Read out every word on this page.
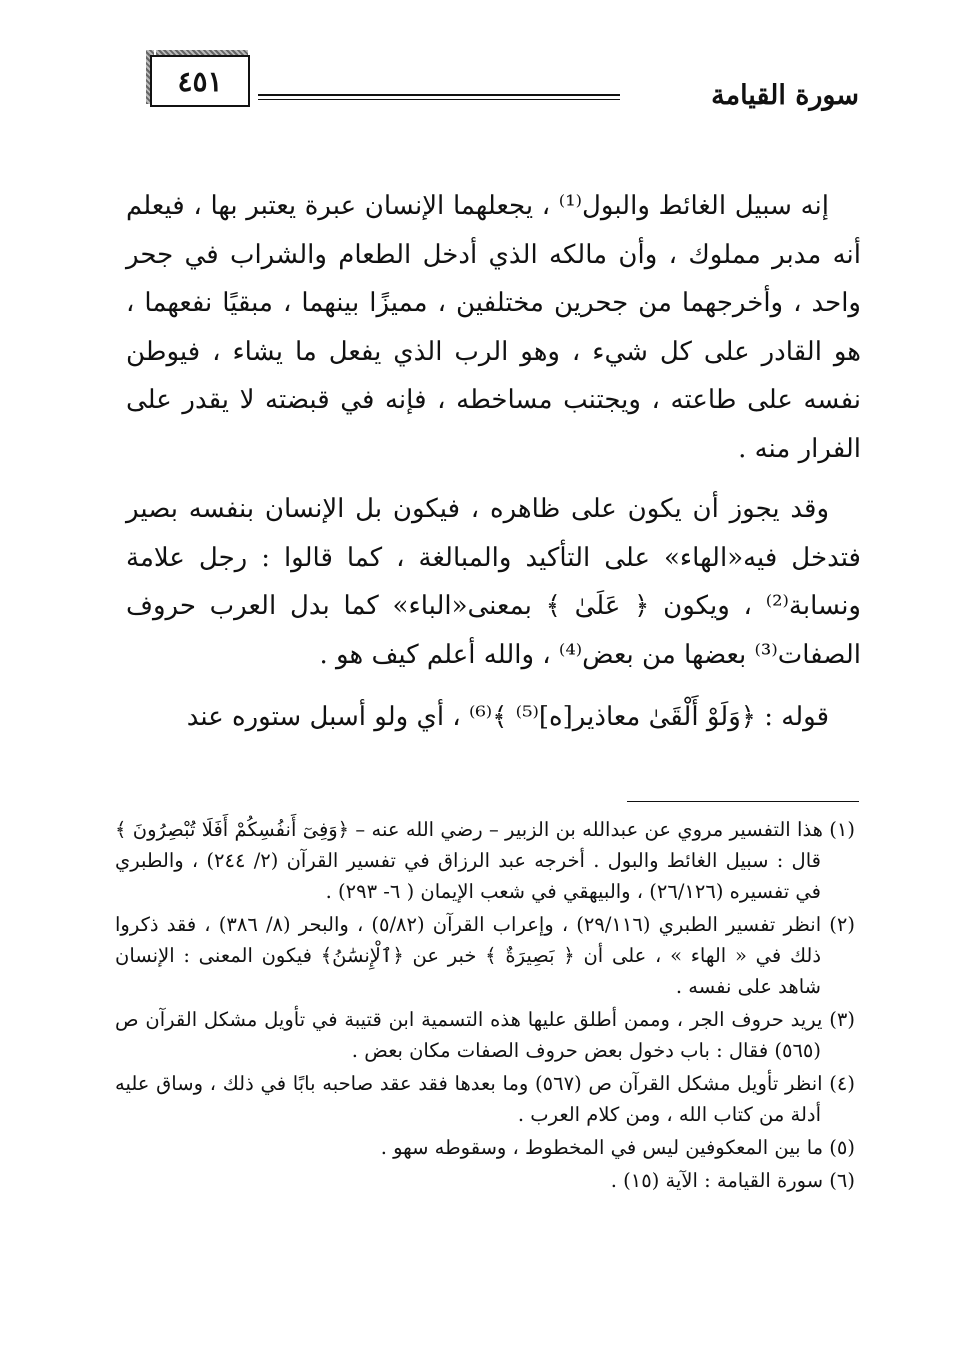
٤٥١	سورة القيامة

إنه سبيل الغائط والبول⁽¹⁾ ، يجعلهما الإنسان عبرة يعتبر بها ، فيعلم أنه مدبر مملوك ، وأن مالكه الذي أدخل الطعام والشراب في جحر واحد ، وأخرجهما من جحرين مختلفين ، مميزًا بينهما ، مبقيًا نفعهما ، هو القادر على كل شيء ، وهو الرب الذي يفعل ما يشاء ، فيوطن نفسه على طاعته ، ويجتنب مساخطه ، فإنه في قبضته لا يقدر على الفرار منه .

وقد يجوز أن يكون على ظاهره ، فيكون بل الإنسان بنفسه بصير فتدخل فيه«الهاء» على التأكيد والمبالغة ، كما قالوا : رجل علامة ونسابة⁽²⁾ ، ويكون ﴿ عَلَىٰ ﴾ بمعنى«الباء» كما بدل العرب حروف الصفات⁽³⁾ بعضها من بعض⁽⁴⁾ ، والله أعلم كيف هو .

قوله : ﴿وَلَوْ أَلْقَىٰ معاذير[ه]⁽⁵⁾ ﴾⁽⁶⁾ ، أي ولو أسبل ستوره عند

(١) هذا التفسير مروي عن عبدالله بن الزبير – رضي الله عنه – ﴿وَفِىٓ أَنفُسِكُمْ أَفَلَا تُبْصِرُونَ ﴾ قال : سبيل الغائط والبول . أخرجه عبد الرزاق في تفسير القرآن (٢/ ٢٤٤) ، والطبري في تفسيره (٢٦/١٢٦) ، والبيهقي في شعب الإيمان ( ٦- ٢٩٣) .

(٢) انظر تفسير الطبري (٢٩/١١٦) ، وإعراب القرآن (٥/٨٢) ، والبحر (٨/ ٣٨٦) ، فقد ذكروا ذلك في « الهاء » ، على أن ﴿ بَصِيرَةٌ ﴾ خبر عن ﴿ٱلْإِنسَٰنُ﴾ فيكون المعنى : الإنسان شاهد على نفسه .

(٣) يريد حروف الجر ، وممن أطلق عليها هذه التسمية ابن قتيبة في تأويل مشكل القرآن ص (٥٦٥) فقال : باب دخول بعض حروف الصفات مكان بعض .

(٤) انظر تأويل مشكل القرآن ص (٥٦٧) وما بعدها فقد عقد صاحبه بابًا في ذلك ، وساق عليه أدلة من كتاب الله ، ومن كلام العرب .

(٥) ما بين المعكوفين ليس في المخطوط ، وسقوطه سهو .

(٦) سورة القيامة : الآية (١٥) .
